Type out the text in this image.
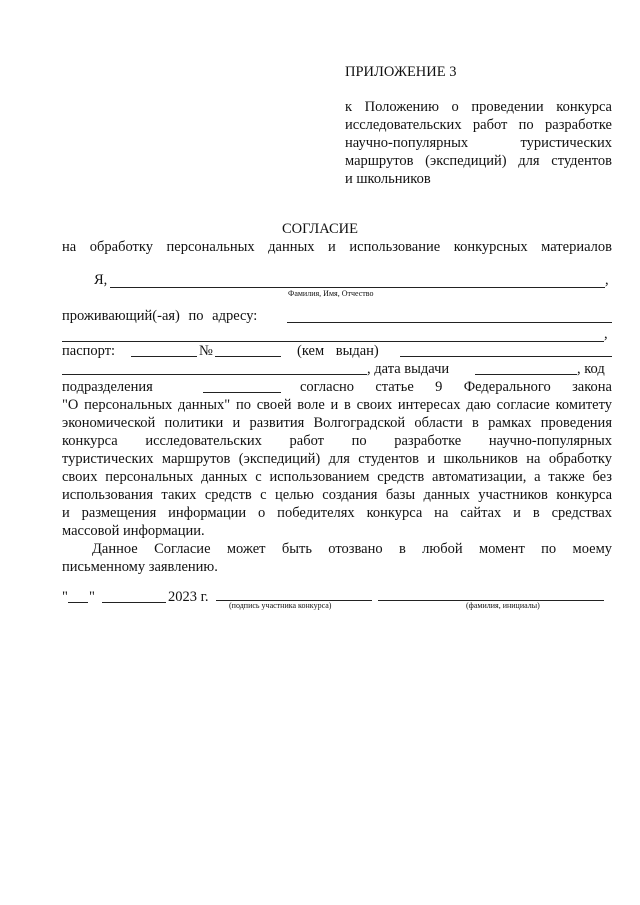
ПРИЛОЖЕНИЕ 3
к Положению о проведении конкурса
исследовательских работ по разработке
научно-популярных туристических
маршрутов (экспедиций) для студентов
и школьников
СОГЛАСИЕ
на обработку персональных данных и использование конкурсных материалов
Я,	,
Фамилия, Имя, Отчество
проживающий(-ая) по адресу:
,
паспорт:	№	(кем выдан)
, дата выдачи	, код
подразделения	согласно статье 9 Федерального закона
"О персональных данных" по своей воле и в своих интересах даю согласие комитету
экономической политики и развития Волгоградской области в рамках проведения
конкурса исследовательских работ по разработке научно-популярных
туристических маршрутов (экспедиций) для студентов и школьников на обработку
своих персональных данных с использованием средств автоматизации, а также без
использования таких средств с целью создания базы данных участников конкурса
и размещения информации о победителях конкурса на сайтах и в средствах
массовой информации.
Данное Согласие может быть отозвано в любой момент по моему
письменному заявлению.
" "	2023 г.
(подпись участника конкурса)	(фамилия, инициалы)
